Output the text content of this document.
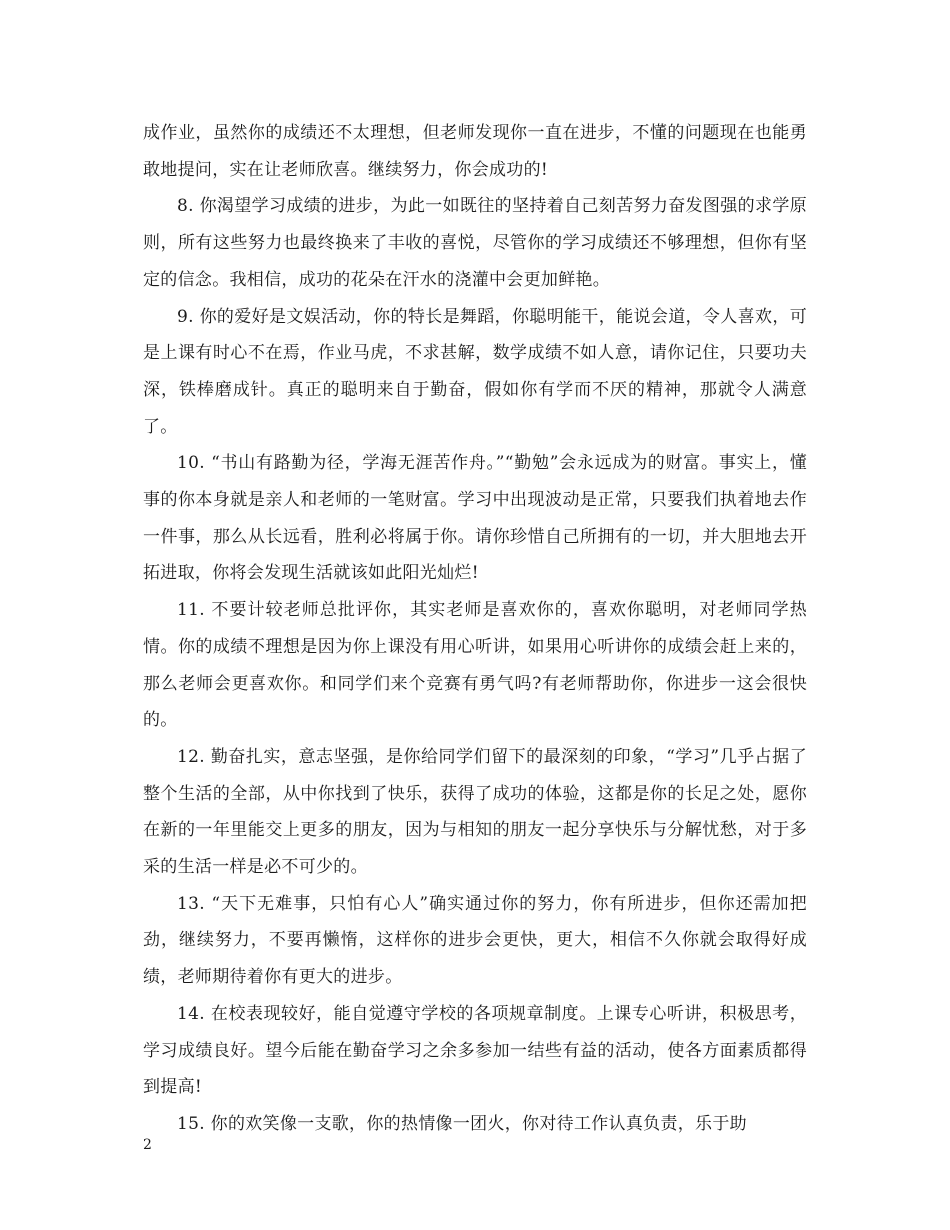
成作业，虽然你的成绩还不太理想，但老师发现你一直在进步，不懂的问题现在也能勇敢地提问，实在让老师欣喜。继续努力，你会成功的!

8. 你渴望学习成绩的进步，为此一如既往的坚持着自己刻苦努力奋发图强的求学原则，所有这些努力也最终换来了丰收的喜悦，尽管你的学习成绩还不够理想，但你有坚定的信念。我相信，成功的花朵在汗水的浇灌中会更加鲜艳。

9. 你的爱好是文娱活动，你的特长是舞蹈，你聪明能干，能说会道，令人喜欢，可是上课有时心不在焉，作业马虎，不求甚解，数学成绩不如人意，请你记住，只要功夫深，铁棒磨成针。真正的聪明来自于勤奋，假如你有学而不厌的精神，那就令人满意了。

10. “书山有路勤为径，学海无涯苦作舟。”“勤勉”会永远成为的财富。事实上，懂事的你本身就是亲人和老师的一笔财富。学习中出现波动是正常，只要我们执着地去作一件事，那么从长远看，胜利必将属于你。请你珍惜自己所拥有的一切，并大胆地去开拓进取，你将会发现生活就该如此阳光灿烂!

11. 不要计较老师总批评你，其实老师是喜欢你的，喜欢你聪明，对老师同学热情。你的成绩不理想是因为你上课没有用心听讲，如果用心听讲你的成绩会赶上来的，那么老师会更喜欢你。和同学们来个竞赛有勇气吗?有老师帮助你，你进步一这会很快的。

12. 勤奋扎实，意志坚强，是你给同学们留下的最深刻的印象，“学习”几乎占据了整个生活的全部，从中你找到了快乐，获得了成功的体验，这都是你的长足之处，愿你在新的一年里能交上更多的朋友，因为与相知的朋友一起分享快乐与分解忧愁，对于多采的生活一样是必不可少的。

13. “天下无难事，只怕有心人”确实通过你的努力，你有所进步，但你还需加把劲，继续努力，不要再懒惰，这样你的进步会更快，更大，相信不久你就会取得好成绩，老师期待着你有更大的进步。

14. 在校表现较好，能自觉遵守学校的各项规章制度。上课专心听讲，积极思考，学习成绩良好。望今后能在勤奋学习之余多参加一结些有益的活动，使各方面素质都得到提高!

15. 你的欢笑像一支歌，你的热情像一团火，你对待工作认真负责，乐于助

2
